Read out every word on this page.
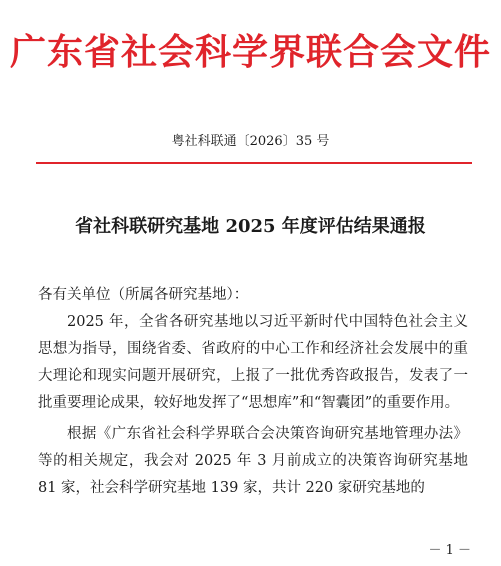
广东省社会科学界联合会文件
粤社科联通〔2026〕35 号
省社科联研究基地 2025 年度评估结果通报

各有关单位（所属各研究基地）：

2025 年，全省各研究基地以习近平新时代中国特色社会主义思想为指导，围绕省委、省政府的中心工作和经济社会发展中的重大理论和现实问题开展研究，上报了一批优秀咨政报告，发表了一批重要理论成果，较好地发挥了“思想库”和“智囊团”的重要作用。

根据《广东省社会科学界联合会决策咨询研究基地管理办法》等的相关规定，我会对 2025 年 3 月前成立的决策咨询研究基地 81 家，社会科学研究基地 139 家，共计 220 家研究基地的

－ 1 －
